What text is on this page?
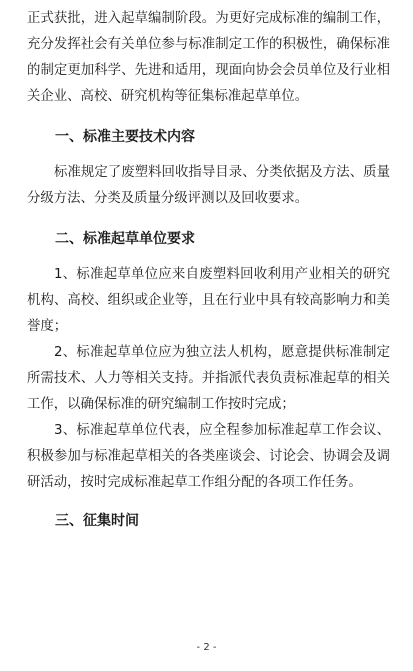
正式获批，进入起草编制阶段。为更好完成标准的编制工作，充分发挥社会有关单位参与标准制定工作的积极性，确保标准的制定更加科学、先进和适用，现面向协会会员单位及行业相关企业、高校、研究机构等征集标准起草单位。

一、标准主要技术内容

标准规定了废塑料回收指导目录、分类依据及方法、质量分级方法、分类及质量分级评测以及回收要求。

二、标准起草单位要求

1、标准起草单位应来自废塑料回收利用产业相关的研究机构、高校、组织或企业等，且在行业中具有较高影响力和美誉度；

2、标准起草单位应为独立法人机构，愿意提供标准制定所需技术、人力等相关支持。并指派代表负责标准起草的相关工作，以确保标准的研究编制工作按时完成；

3、标准起草单位代表，应全程参加标准起草工作会议、积极参加与标准起草相关的各类座谈会、讨论会、协调会及调研活动，按时完成标准起草工作组分配的各项工作任务。

三、征集时间
- 2 -
